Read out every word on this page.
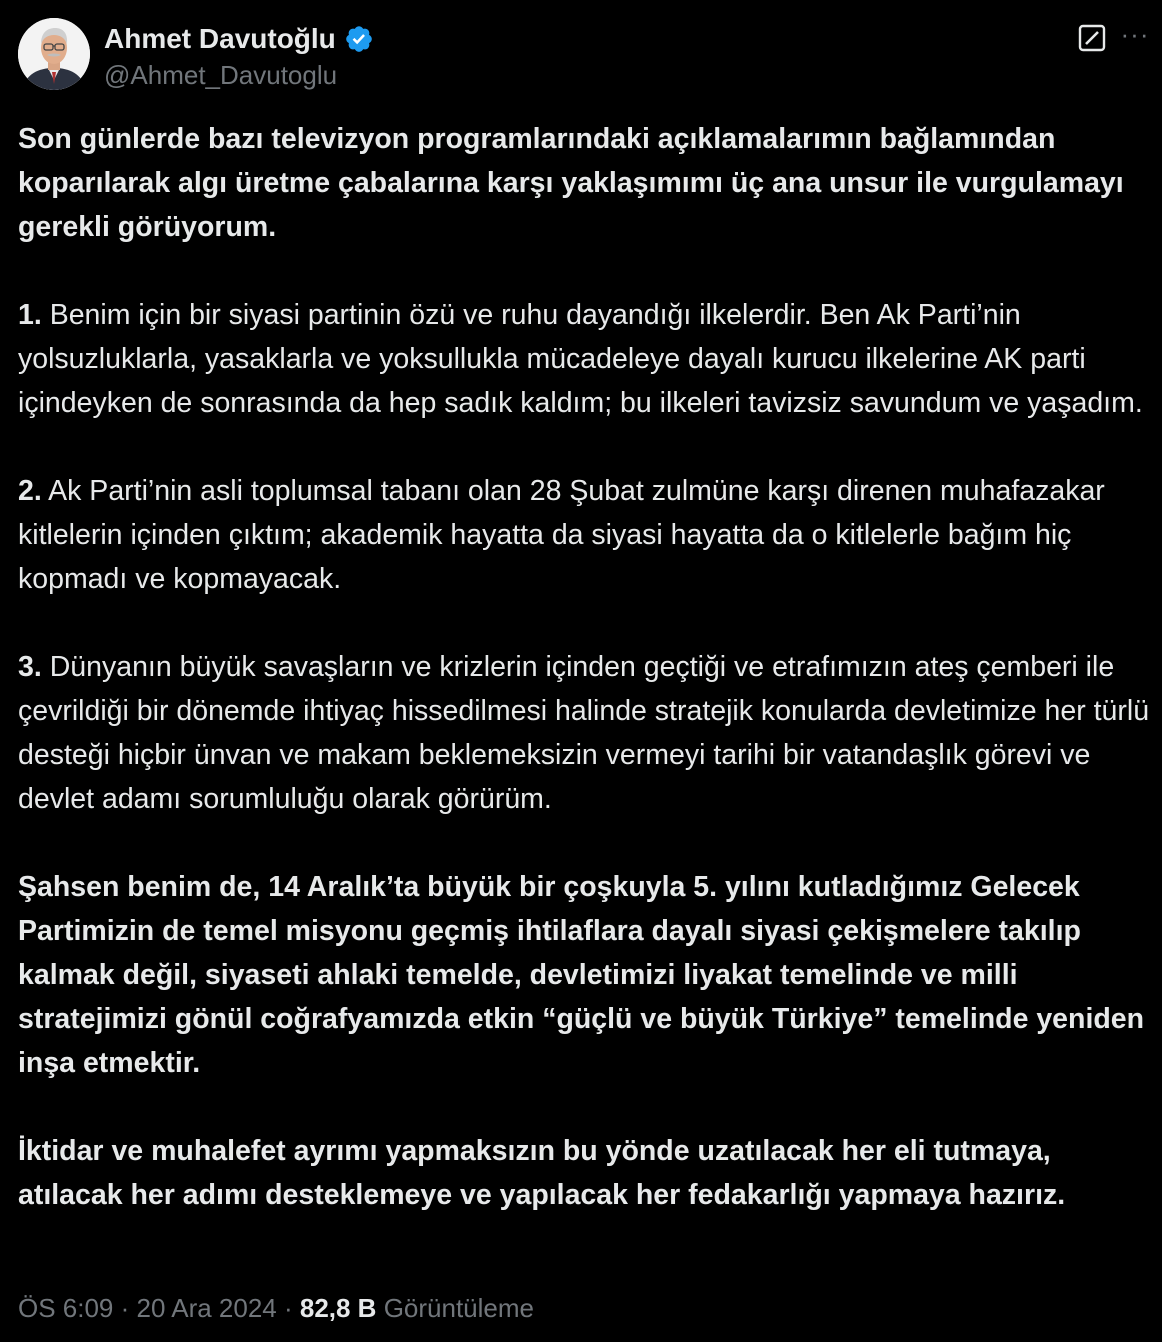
Ahmet Davutoğlu
@Ahmet_Davutoglu
···

Son günlerde bazı televizyon programlarındaki açıklamalarımın bağlamından koparılarak algı üretme çabalarına karşı yaklaşımımı üç ana unsur ile vurgulamayı gerekli görüyorum.

1. Benim için bir siyasi partinin özü ve ruhu dayandığı ilkelerdir. Ben Ak Parti’nin yolsuzluklarla, yasaklarla ve yoksullukla mücadeleye dayalı kurucu ilkelerine AK parti içindeyken de sonrasında da hep sadık kaldım; bu ilkeleri tavizsiz savundum ve yaşadım.

2. Ak Parti’nin asli toplumsal tabanı olan 28 Şubat zulmüne karşı direnen muhafazakar kitlelerin içinden çıktım; akademik hayatta da siyasi hayatta da o kitlelerle bağım hiç kopmadı ve kopmayacak.

3. Dünyanın büyük savaşların ve krizlerin içinden geçtiği ve etrafımızın ateş çemberi ile çevrildiği bir dönemde ihtiyaç hissedilmesi halinde stratejik konularda devletimize her türlü desteği hiçbir ünvan ve makam beklemeksizin vermeyi tarihi bir vatandaşlık görevi ve devlet adamı sorumluluğu olarak görürüm.

Şahsen benim de, 14 Aralık’ta büyük bir çoşkuyla 5. yılını kutladığımız Gelecek Partimizin de temel misyonu geçmiş ihtilaflara dayalı siyasi çekişmelere takılıp kalmak değil, siyaseti ahlaki temelde, devletimizi liyakat temelinde ve milli stratejimizi gönül coğrafyamızda etkin “güçlü ve büyük Türkiye” temelinde yeniden inşa etmektir.

İktidar ve muhalefet ayrımı yapmaksızın bu yönde uzatılacak her eli tutmaya, atılacak her adımı desteklemeye ve yapılacak her fedakarlığı yapmaya hazırız.

ÖS 6:09 · 20 Ara 2024 · 82,8 B Görüntüleme
